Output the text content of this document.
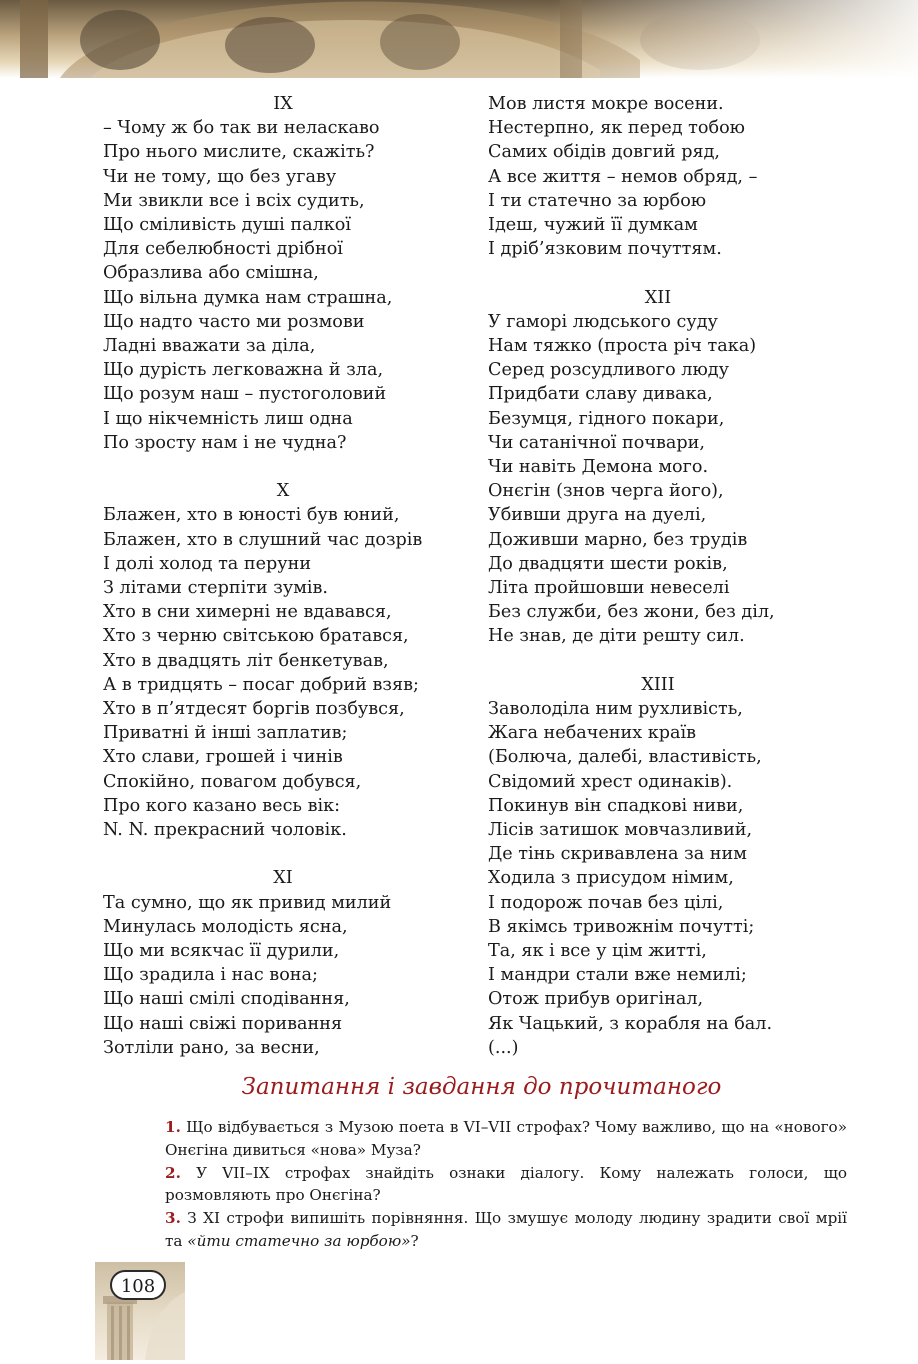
IX
– Чому ж бо так ви неласкаво
Про нього мислите, скажіть?
Чи не тому, що без угаву
Ми звикли все і всіх судить,
Що сміливість душі палкої
Для себелюбності дрібної
Образлива або смішна,
Що вільна думка нам страшна,
Що надто часто ми розмови
Ладні вважати за діла,
Що дурість легковажна й зла,
Що розум наш – пустоголовий
І що нікчемність лиш одна
По зросту нам і не чудна?
X
Блажен, хто в юності був юний,
Блажен, хто в слушний час дозрів
І долі холод та перуни
З літами стерпіти зумів.
Хто в сни химерні не вдавався,
Хто з черню світською братався,
Хто в двадцять літ бенкетував,
А в тридцять – посаг добрий взяв;
Хто в п’ятдесят боргів позбувся,
Приватні й інші заплатив;
Хто слави, грошей і чинів
Спокійно, повагом добувся,
Про кого казано весь вік:
N. N. прекрасний чоловік.
XI
Та сумно, що як привид милий
Минулась молодість ясна,
Що ми всякчас її дурили,
Що зрадила і нас вона;
Що наші смілі сподівання,
Що наші свіжі поривання
Зотліли рано, за весни,
Мов листя мокре восени.
Нестерпно, як перед тобою
Самих обідів довгий ряд,
А все життя – немов обряд, –
І ти статечно за юрбою
Ідеш, чужий її думкам
І дріб’язковим почуттям.
XII
У гаморі людського суду
Нам тяжко (проста річ така)
Серед розсудливого люду
Придбати славу дивака,
Безумця, гідного покари,
Чи сатанічної почвари,
Чи навіть Демона мого.
Онєгін (знов черга його),
Убивши друга на дуелі,
Доживши марно, без трудів
До двадцяти шести років,
Літа пройшовши невеселі
Без служби, без жони, без діл,
Не знав, де діти решту сил.
XIII
Заволоділа ним рухливість,
Жага небачених країв
(Болюча, далебі, властивість,
Свідомий хрест одинаків).
Покинув він спадкові ниви,
Лісів затишок мовчазливий,
Де тінь скривавлена за ним
Ходила з присудом німим,
І подорож почав без цілі,
В якімсь тривожнім почутті;
Та, як і все у цім житті,
І мандри стали вже немилі;
Отож прибув оригінал,
Як Чацький, з корабля на бал.
(...)
Запитання і завдання до прочитаного

1. Що відбувається з Музою поета в VI–VII строфах? Чому важливо, що на «нового» Онєгіна дивиться «нова» Муза?

2. У VII–IX строфах знайдіть ознаки діалогу. Кому належать голоси, що розмовляють про Онєгіна?

3. З XI строфи випишіть порівняння. Що змушує молоду людину зрадити свої мрії та «йти статечно за юрбою»?

108
